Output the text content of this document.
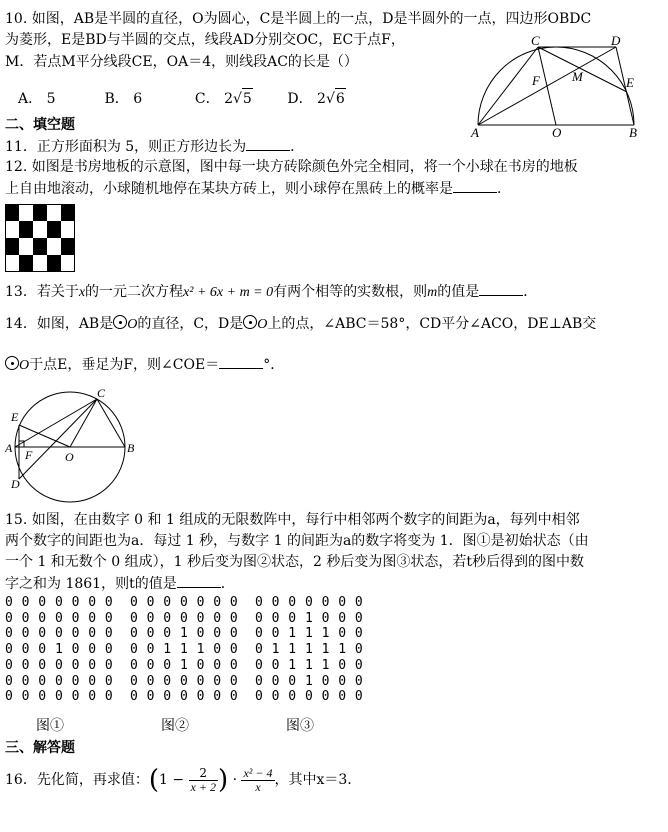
10. 如图，AB是半圆的直径，O为圆心，C是半圆上的一点，D是半圆外的一点，四边形OBDC
为菱形，E是BD与半圆的交点，线段AD分别交OC，EC于点F，
M．若点M平分线段CE，OA＝4，则线段AC的长是（）
A． 5	B． 6	C． 2√5	D． 2√6
C	D
F M	E
A	O	B
二、填空题
11．正方形面积为 5，则正方形边长为	．
12. 如图是书房地板的示意图，图中每一块方砖除颜色外完全相同，将一个小球在书房的地板
上自由地滚动，小球随机地停在某块方砖上，则小球停在黑砖上的概率是	．
13．若关于x的一元二次方程x² + 6x + m = 0有两个相等的实数根，则m的值是	．
14．如图，AB是 O的直径，C，D是 O上的点，∠ABC＝58°，CD平分∠ACO，DE⊥AB交
O于点E，垂足为F，则∠COE＝	°．
C
E
A F	O
B
D
15. 如图，在由数字 0 和 1 组成的无限数阵中，每行中相邻两个数字的间距为a，每列中相邻
两个数字的间距也为a．每过 1 秒，与数字 1 的间距为a的数字将变为 1．图①是初始状态（由
一个 1 和无数个 0 组成），1 秒后变为图②状态，2 秒后变为图③状态，若t秒后得到的图中数
字之和为 1861，则t的值是	．
0 0 0 0 0 0 0
0 0 0 0 0 0 0
0 0 0 0 0 0 0
0 0 0 1 0 0 0
0 0 0 0 0 0 0
0 0 0 0 0 0 0
0 0 0 0 0 0 0
0 0 0 0 0 0 0
0 0 0 0 0 0 0
0 0 0 1 0 0 0
0 0 1 1 1 0 0
0 0 0 1 0 0 0
0 0 0 0 0 0 0
0 0 0 0 0 0 0
0 0 0 0 0 0 0
0 0 0 1 0 0 0
0 0 1 1 1 0 0
0 1 1 1 1 1 0
0 0 1 1 1 0 0
0 0 0 1 0 0 0
0 0 0 0 0 0 0
图①	图②	图③
三、解答题
16．先化简，再求值：($1 - \frac{2}{x + 2}$ ) · $\frac{\text{x² − 4}}{x}$ ，其中x＝3．
